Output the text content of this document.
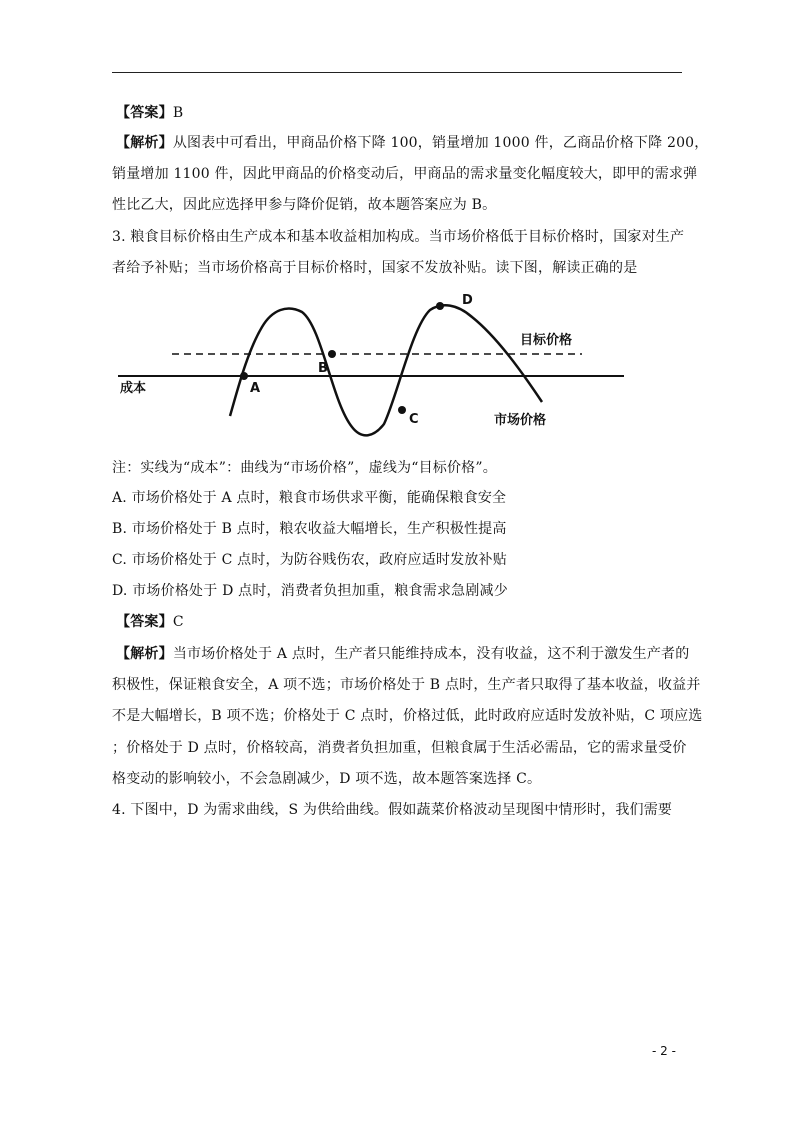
【答案】B
【解析】从图表中可看出，甲商品价格下降 100，销量增加 1000 件，乙商品价格下降 200，
销量增加 1100 件，因此甲商品的价格变动后，甲商品的需求量变化幅度较大，即甲的需求弹
性比乙大，因此应选择甲参与降价促销，故本题答案应为 B。
3. 粮食目标价格由生产成本和基本收益相加构成。当市场价格低于目标价格时，国家对生产
者给予补贴；当市场价格高于目标价格时，国家不发放补贴。读下图，解读正确的是
成本	A
B
C
D
目标价格
市场价格
注：实线为“成本”：曲线为“市场价格”，虚线为“目标价格”。
A. 市场价格处于 A 点时，粮食市场供求平衡，能确保粮食安全
B. 市场价格处于 B 点时，粮农收益大幅增长，生产积极性提高
C. 市场价格处于 C 点时，为防谷贱伤农，政府应适时发放补贴
D. 市场价格处于 D 点时，消费者负担加重，粮食需求急剧减少
【答案】C
【解析】当市场价格处于 A 点时，生产者只能维持成本，没有收益，这不利于激发生产者的
积极性，保证粮食安全，A 项不选；市场价格处于 B 点时，生产者只取得了基本收益，收益并
不是大幅增长，B 项不选；价格处于 C 点时，价格过低，此时政府应适时发放补贴，C 项应选
；价格处于 D 点时，价格较高，消费者负担加重，但粮食属于生活必需品，它的需求量受价
格变动的影响较小，不会急剧减少，D 项不选，故本题答案选择 C。
4. 下图中，D 为需求曲线，S 为供给曲线。假如蔬菜价格波动呈现图中情形时，我们需要
- 2 -
